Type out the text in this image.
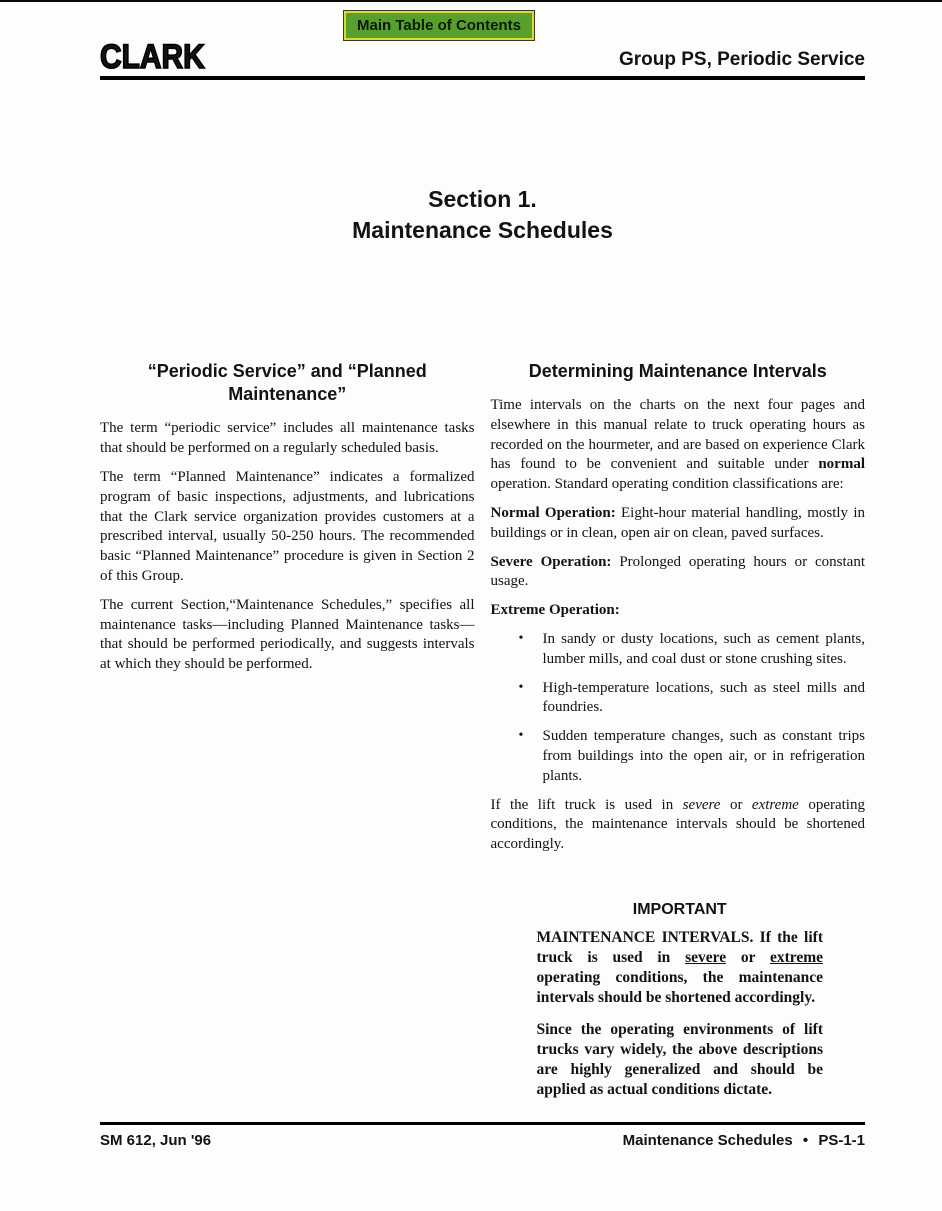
Main Table of Contents
CLARK	Group PS, Periodic Service
Section 1.
Maintenance Schedules
“Periodic Service” and “Planned
Maintenance”

The term “periodic service” includes all maintenance tasks that should be performed on a regularly scheduled basis.

The term “Planned Maintenance” indicates a formalized program of basic inspections, adjustments, and lubrications that the Clark service organization provides customers at a prescribed interval, usually 50-250 hours. The recommended basic “Planned Maintenance” procedure is given in Section 2 of this Group.

The current Section,“Maintenance Schedules,” specifies all maintenance tasks—including Planned Maintenance tasks—that should be performed periodically, and suggests intervals at which they should be performed.

Determining Maintenance Intervals

Time intervals on the charts on the next four pages and elsewhere in this manual relate to truck operating hours as recorded on the hourmeter, and are based on experience Clark has found to be convenient and suitable under normal operation. Standard operating condition classifications are:

Normal Operation: Eight-hour material handling, mostly in buildings or in clean, open air on clean, paved surfaces.

Severe Operation: Prolonged operating hours or constant usage.

Extreme Operation:

•	In sandy or dusty locations, such as cement plants, lumber mills, and coal dust or stone crushing sites.
•	High-temperature locations, such as steel mills and foundries.
•	Sudden temperature changes, such as constant trips from buildings into the open air, or in refrigeration plants.

If the lift truck is used in severe or extreme operating conditions, the maintenance intervals should be shortened accordingly.

IMPORTANT

MAINTENANCE INTERVALS. If the lift truck is used in severe or extreme operating conditions, the maintenance intervals should be shortened accordingly.

Since the operating environments of lift trucks vary widely, the above descriptions are highly generalized and should be applied as actual conditions dictate.

SM 612, Jun '96	Maintenance Schedules • PS-1-1
